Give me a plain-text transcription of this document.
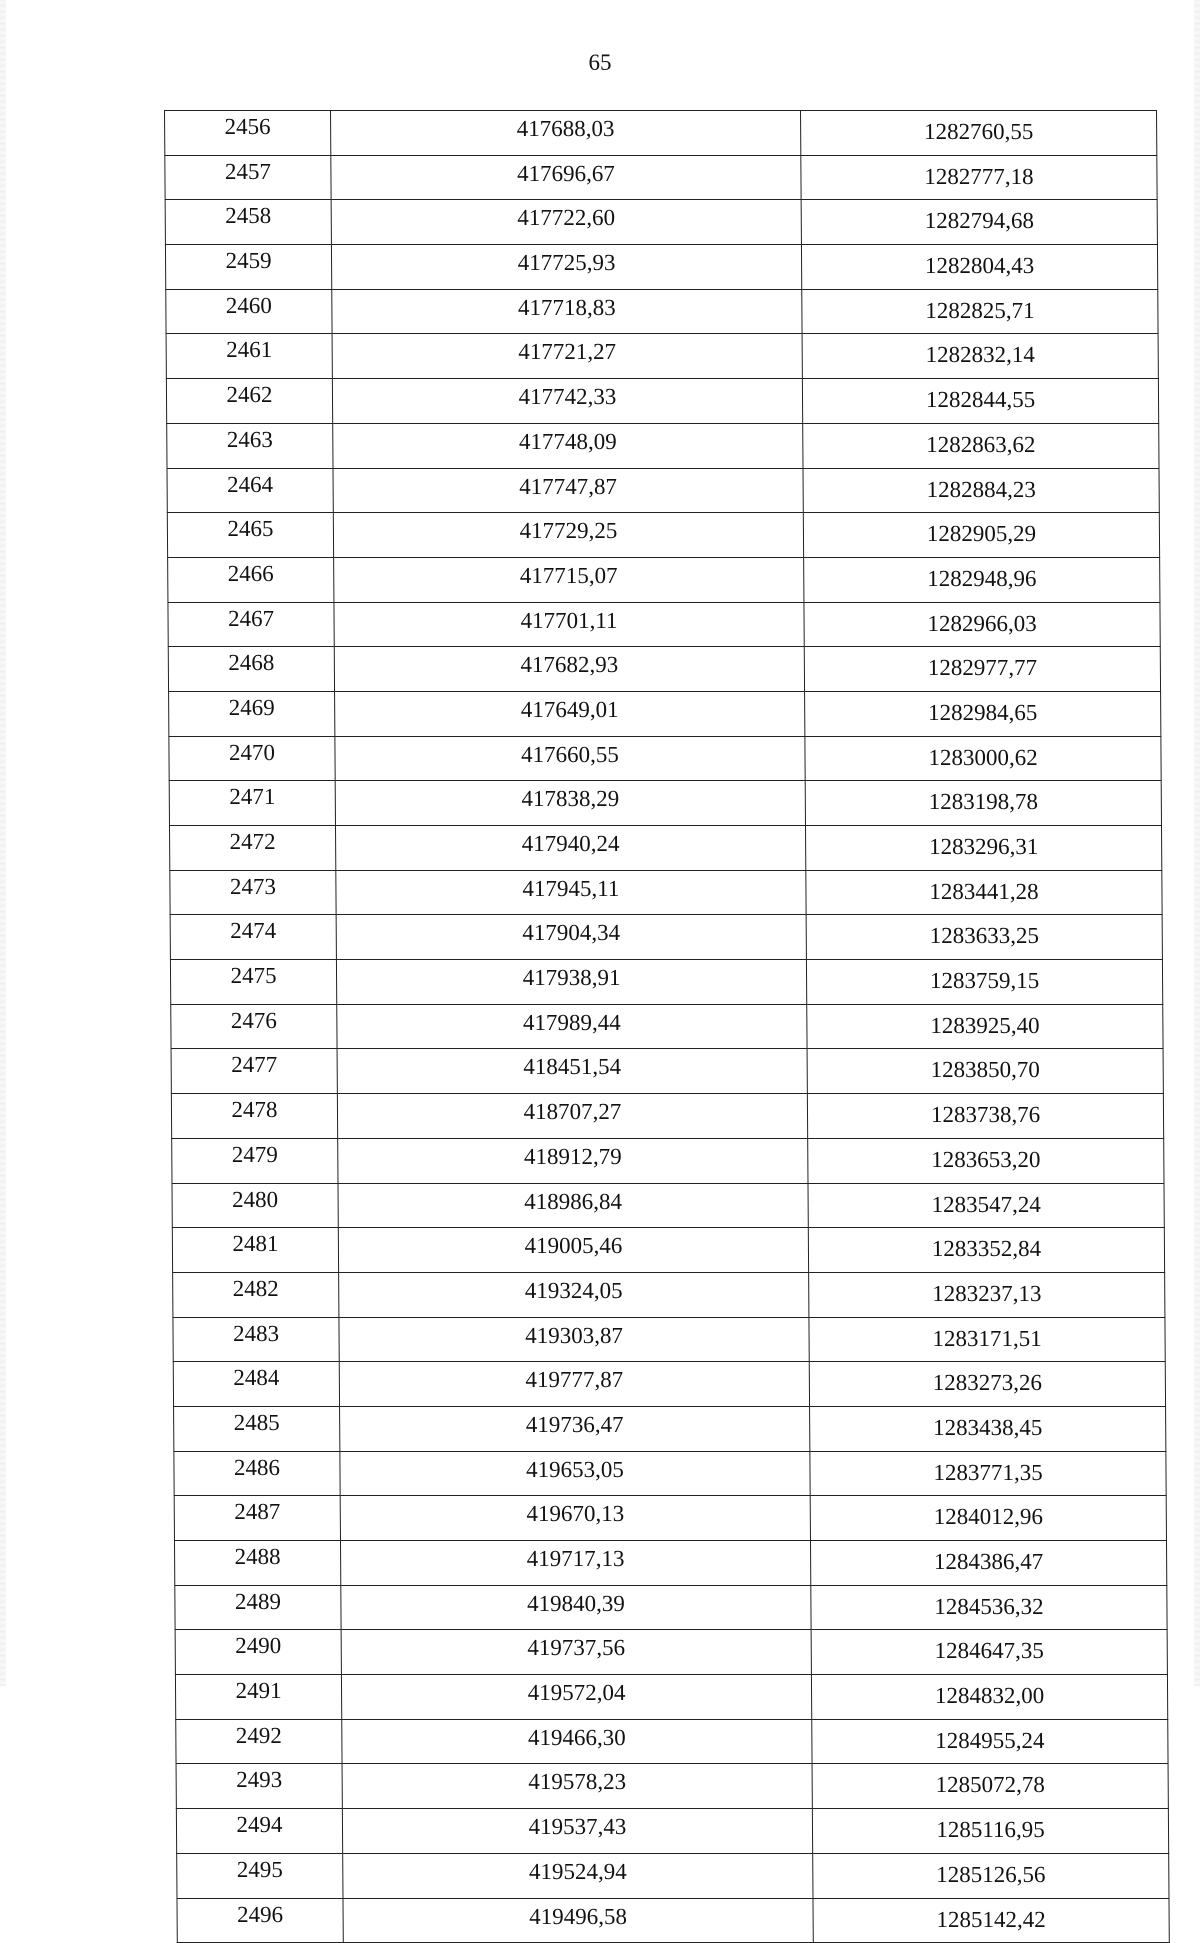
65
2456	417688,03	1282760,55
2457	417696,67	1282777,18
2458	417722,60	1282794,68
2459	417725,93	1282804,43
2460	417718,83	1282825,71
2461	417721,27	1282832,14
2462	417742,33	1282844,55
2463	417748,09	1282863,62
2464	417747,87	1282884,23
2465	417729,25	1282905,29
2466	417715,07	1282948,96
2467	417701,11	1282966,03
2468	417682,93	1282977,77
2469	417649,01	1282984,65
2470	417660,55	1283000,62
2471	417838,29	1283198,78
2472	417940,24	1283296,31
2473	417945,11	1283441,28
2474	417904,34	1283633,25
2475	417938,91	1283759,15
2476	417989,44	1283925,40
2477	418451,54	1283850,70
2478	418707,27	1283738,76
2479	418912,79	1283653,20
2480	418986,84	1283547,24
2481	419005,46	1283352,84
2482	419324,05	1283237,13
2483	419303,87	1283171,51
2484	419777,87	1283273,26
2485	419736,47	1283438,45
2486	419653,05	1283771,35
2487	419670,13	1284012,96
2488	419717,13	1284386,47
2489	419840,39	1284536,32
2490	419737,56	1284647,35
2491	419572,04	1284832,00
2492	419466,30	1284955,24
2493	419578,23	1285072,78
2494	419537,43	1285116,95
2495	419524,94	1285126,56
2496	419496,58	1285142,42
